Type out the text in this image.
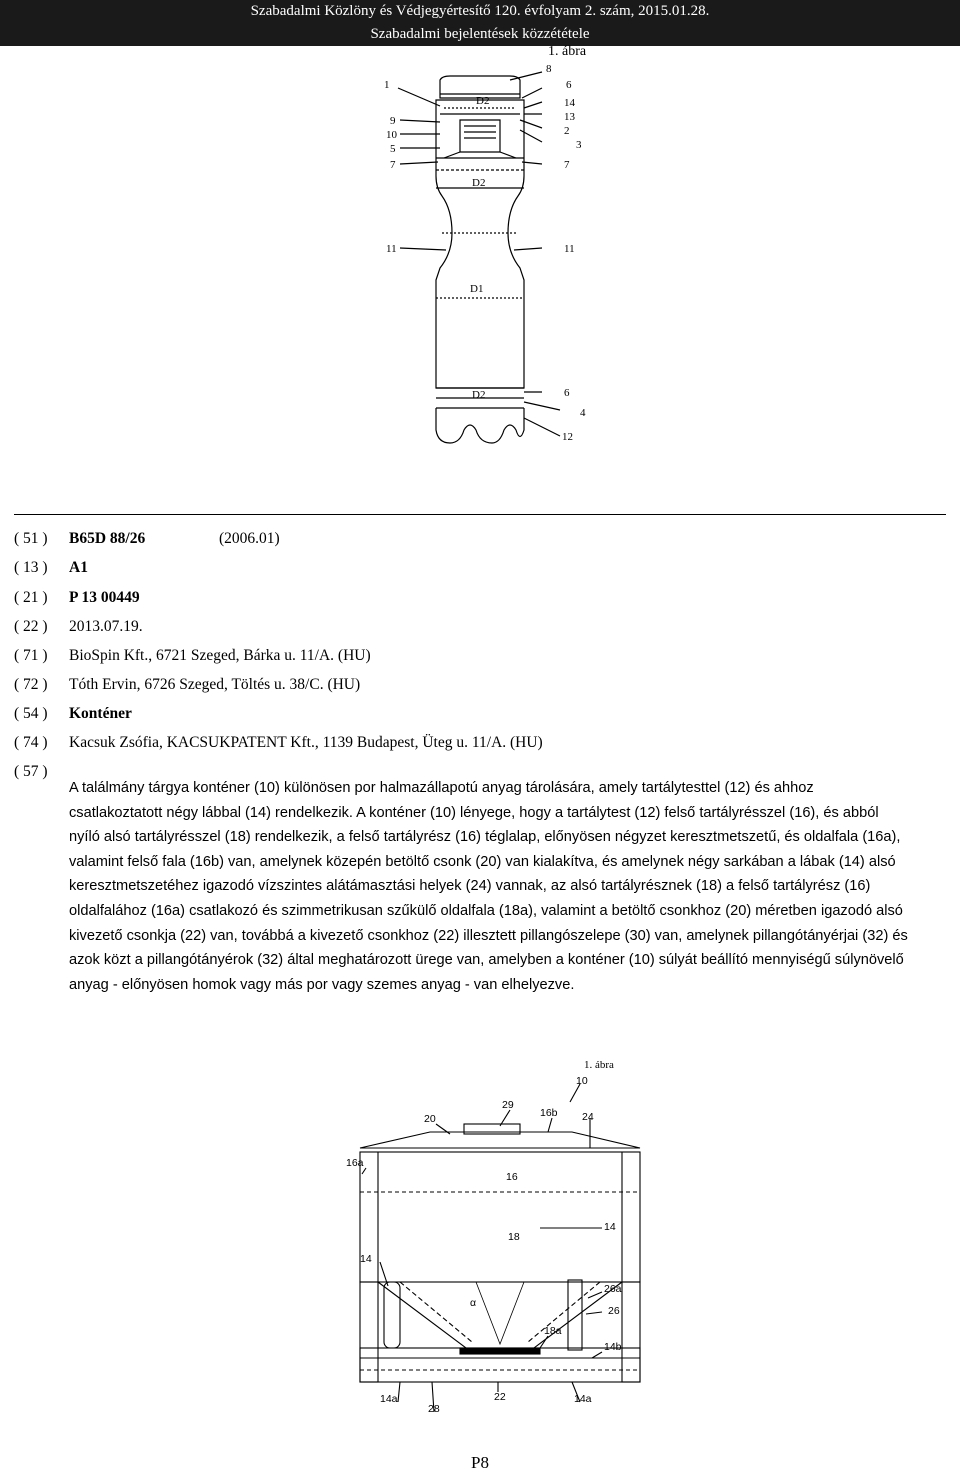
Szabadalmi Közlöny és Védjegyértesítő 120. évfolyam 2. szám, 2015.01.28.
Szabadalmi bejelentések közzététele
1. ábra
1
8
6
14
13
2
3
9
10
5
7	7
D2
D2
11	11
D1
D2	6
4
12
( 51 ) B65D 88/26	(2006.01)
( 13 ) A1
( 21 ) P 13 00449
( 22 ) 2013.07.19.
( 71 ) BioSpin Kft., 6721 Szeged, Bárka u. 11/A. (HU)
( 72 ) Tóth Ervin, 6726 Szeged, Töltés u. 38/C. (HU)
( 54 ) Konténer
( 74 ) Kacsuk Zsófia, KACSUKPATENT Kft., 1139 Budapest, Üteg u. 11/A. (HU)
( 57 )
A találmány tárgya konténer (10) különösen por halmazállapotú anyag tárolására, amely tartálytesttel (12) és ahhoz csatlakoztatott négy lábbal (14) rendelkezik. A konténer (10) lényege, hogy a tartálytest (12) felső tartályrésszel (16), és abból nyíló alsó tartályrésszel (18) rendelkezik, a felső tartályrész (16) téglalap, előnyösen négyzet keresztmetszetű, és oldalfala (16a), valamint felső fala (16b) van, amelynek közepén betöltő csonk (20) van kialakítva, és amelynek négy sarkában a lábak (14) alsó keresztmetszetéhez igazodó vízszintes alátámasztási helyek (24) vannak, az alsó tartályrésznek (18) a felső tartályrész (16) oldalfalához (16a) csatlakozó és szimmetrikusan szűkülő oldalfala (18a), valamint a betöltő csonkhoz (20) méretben igazodó alsó kivezető csonkja (22) van, továbbá a kivezető csonkhoz (22) illesztett pillangószelepe (30) van, amelynek pillangótányérjai (32) és azok közt a pillangótányérok (32) által meghatározott ürege van, amelyben a konténer (10) súlyát beállító mennyiségű súlynövelő anyag - előnyösen homok vagy más por vagy szemes anyag - van elhelyezve.
1. ábra
10
29
16b 24
20
16a
16
14
18
14
26a
26
α
18a
14b
22	14a
14a
28
P8
